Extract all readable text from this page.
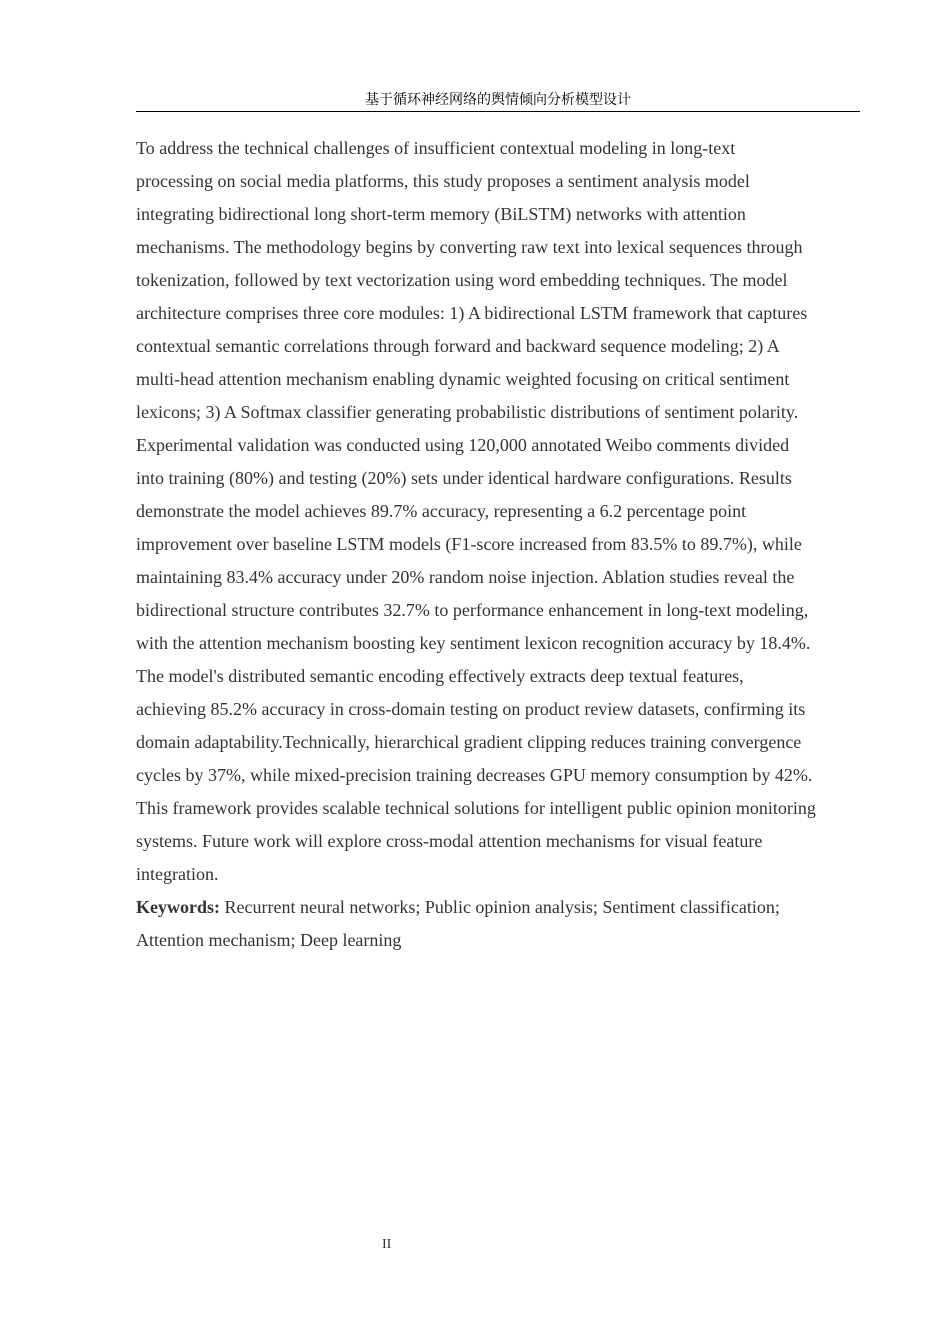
基于循环神经网络的舆情倾向分析模型设计
To address the technical challenges of insufficient contextual modeling in long-text
processing on social media platforms, this study proposes a sentiment analysis model
integrating bidirectional long short-term memory (BiLSTM) networks with attention
mechanisms. The methodology begins by converting raw text into lexical sequences through
tokenization, followed by text vectorization using word embedding techniques. The model
architecture comprises three core modules: 1) A bidirectional LSTM framework that captures
contextual semantic correlations through forward and backward sequence modeling; 2) A
multi-head attention mechanism enabling dynamic weighted focusing on critical sentiment
lexicons; 3) A Softmax classifier generating probabilistic distributions of sentiment polarity.
Experimental validation was conducted using 120,000 annotated Weibo comments divided
into training (80%) and testing (20%) sets under identical hardware configurations. Results
demonstrate the model achieves 89.7% accuracy, representing a 6.2 percentage point
improvement over baseline LSTM models (F1-score increased from 83.5% to 89.7%), while
maintaining 83.4% accuracy under 20% random noise injection. Ablation studies reveal the
bidirectional structure contributes 32.7% to performance enhancement in long-text modeling,
with the attention mechanism boosting key sentiment lexicon recognition accuracy by 18.4%.
The model's distributed semantic encoding effectively extracts deep textual features,
achieving 85.2% accuracy in cross-domain testing on product review datasets, confirming its
domain adaptability.Technically, hierarchical gradient clipping reduces training convergence
cycles by 37%, while mixed-precision training decreases GPU memory consumption by 42%.
This framework provides scalable technical solutions for intelligent public opinion monitoring
systems. Future work will explore cross-modal attention mechanisms for visual feature
integration.
Keywords: Recurrent neural networks; Public opinion analysis; Sentiment classification;
Attention mechanism; Deep learning
II
